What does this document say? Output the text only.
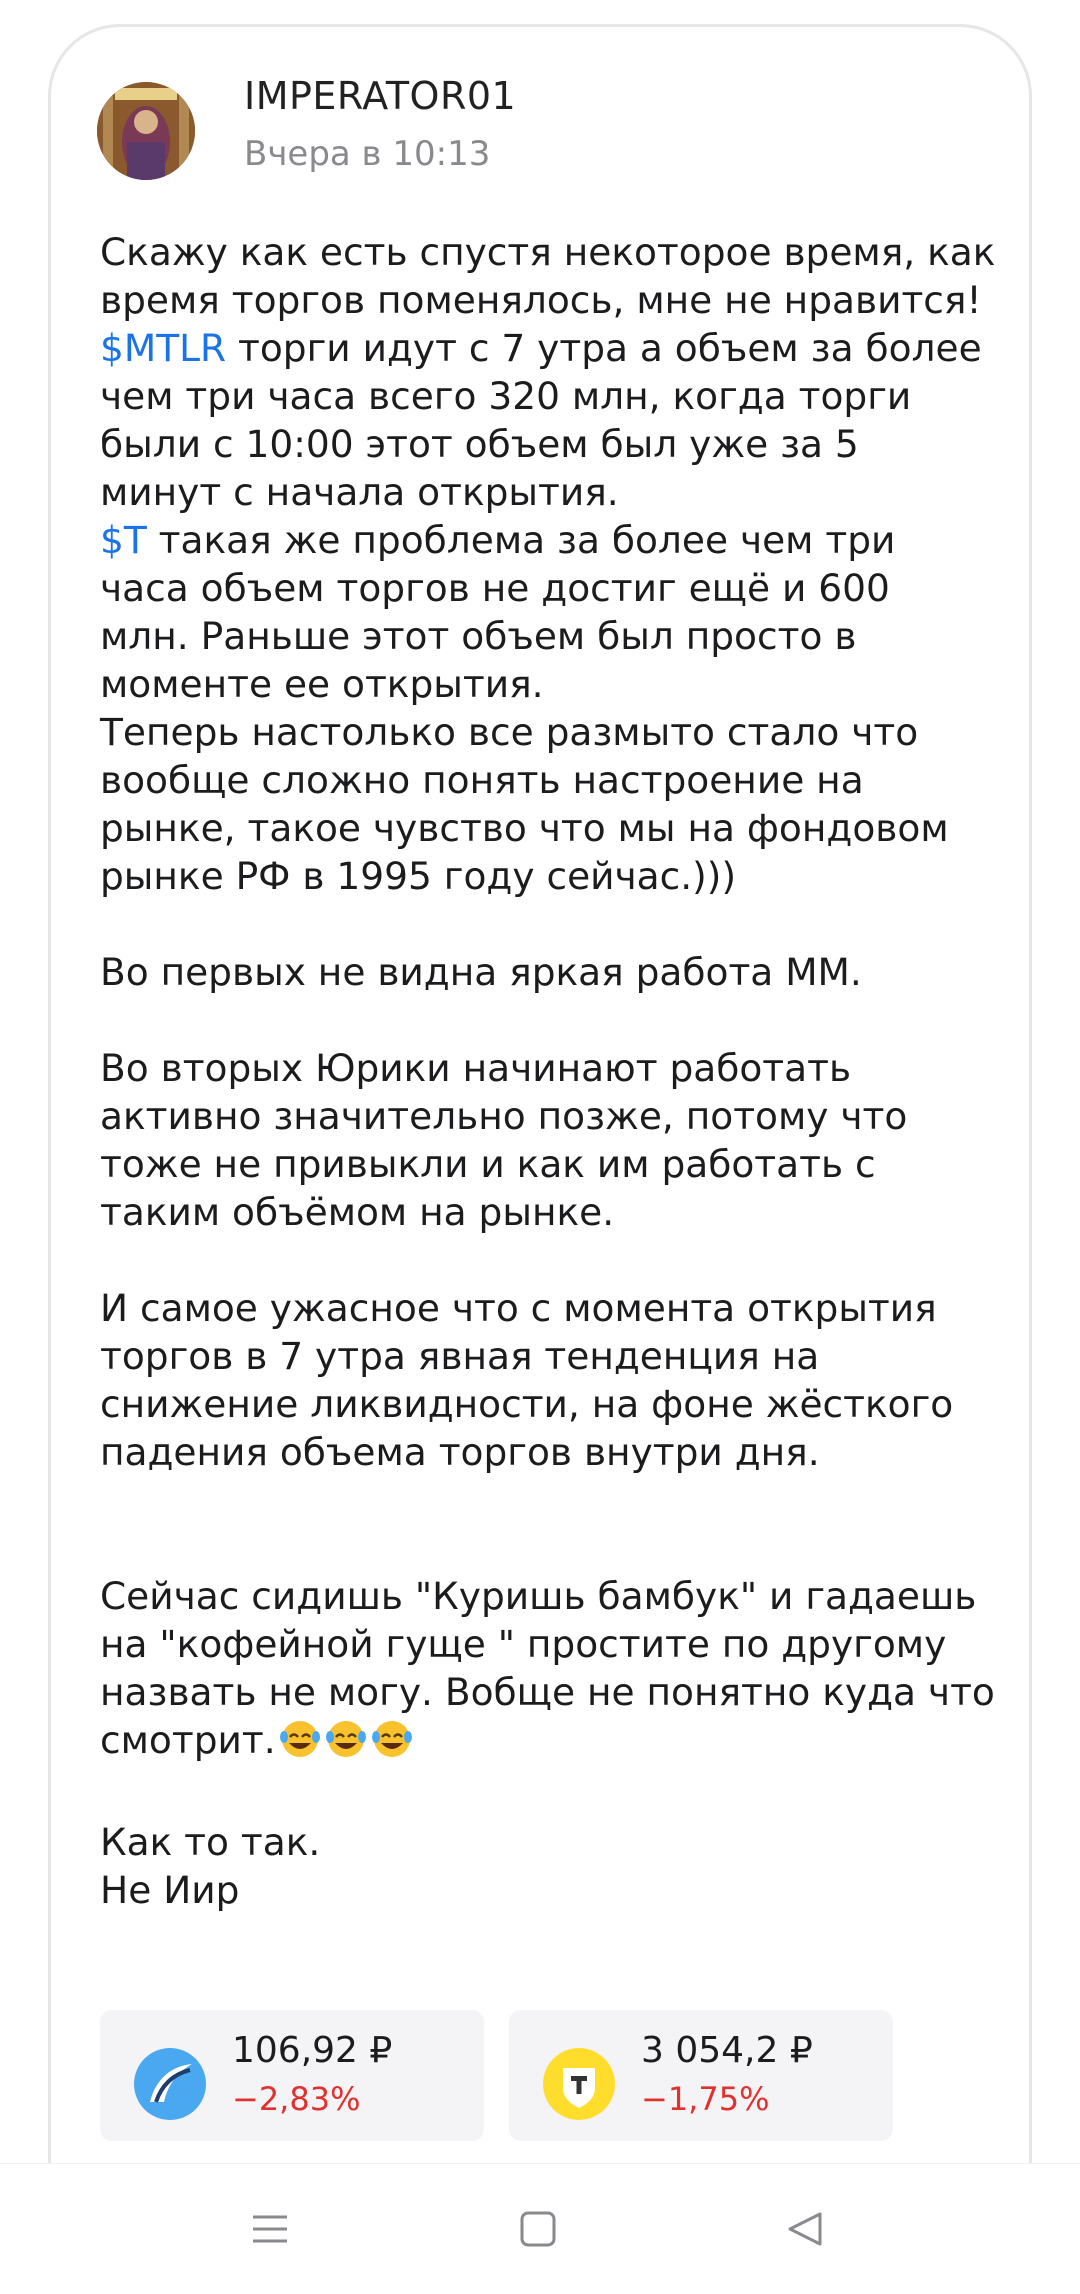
IMPERATOR01
Вчера в 10:13

Скажу как есть спустя некоторое время, как

время торгов поменялось, мне не нравится!

$MTLR торги идут с 7 утра а объем за более

чем три часа всего 320 млн, когда торги

были с 10:00 этот объем был уже за 5

минут с начала открытия.

$T такая же проблема за более чем три

часа объем торгов не достиг ещё и 600

млн. Раньше этот объем был просто в

моменте ее открытия.

Теперь настолько все размыто стало что

вообще сложно понять настроение на

рынке, такое чувство что мы на фондовом

рынке РФ в 1995 году сейчас.)))

Во первых не видна яркая работа ММ.

Во вторых Юрики начинают работать

активно значительно позже, потому что

тоже не привыкли и как им работать с

таким объёмом на рынке.

И самое ужасное что с момента открытия

торгов в 7 утра явная тенденция на

снижение ликвидности, на фоне жёсткого

падения объема торгов внутри дня.

Сейчас сидишь "Куришь бамбук" и гадаешь

на "кофейной гуще " простите по другому

назвать не могу. Вобще не понятно куда что

смотрит.

Как то так.

Не Иир

106,92 ₽
−2,83%
3 054,2 ₽
−1,75%
